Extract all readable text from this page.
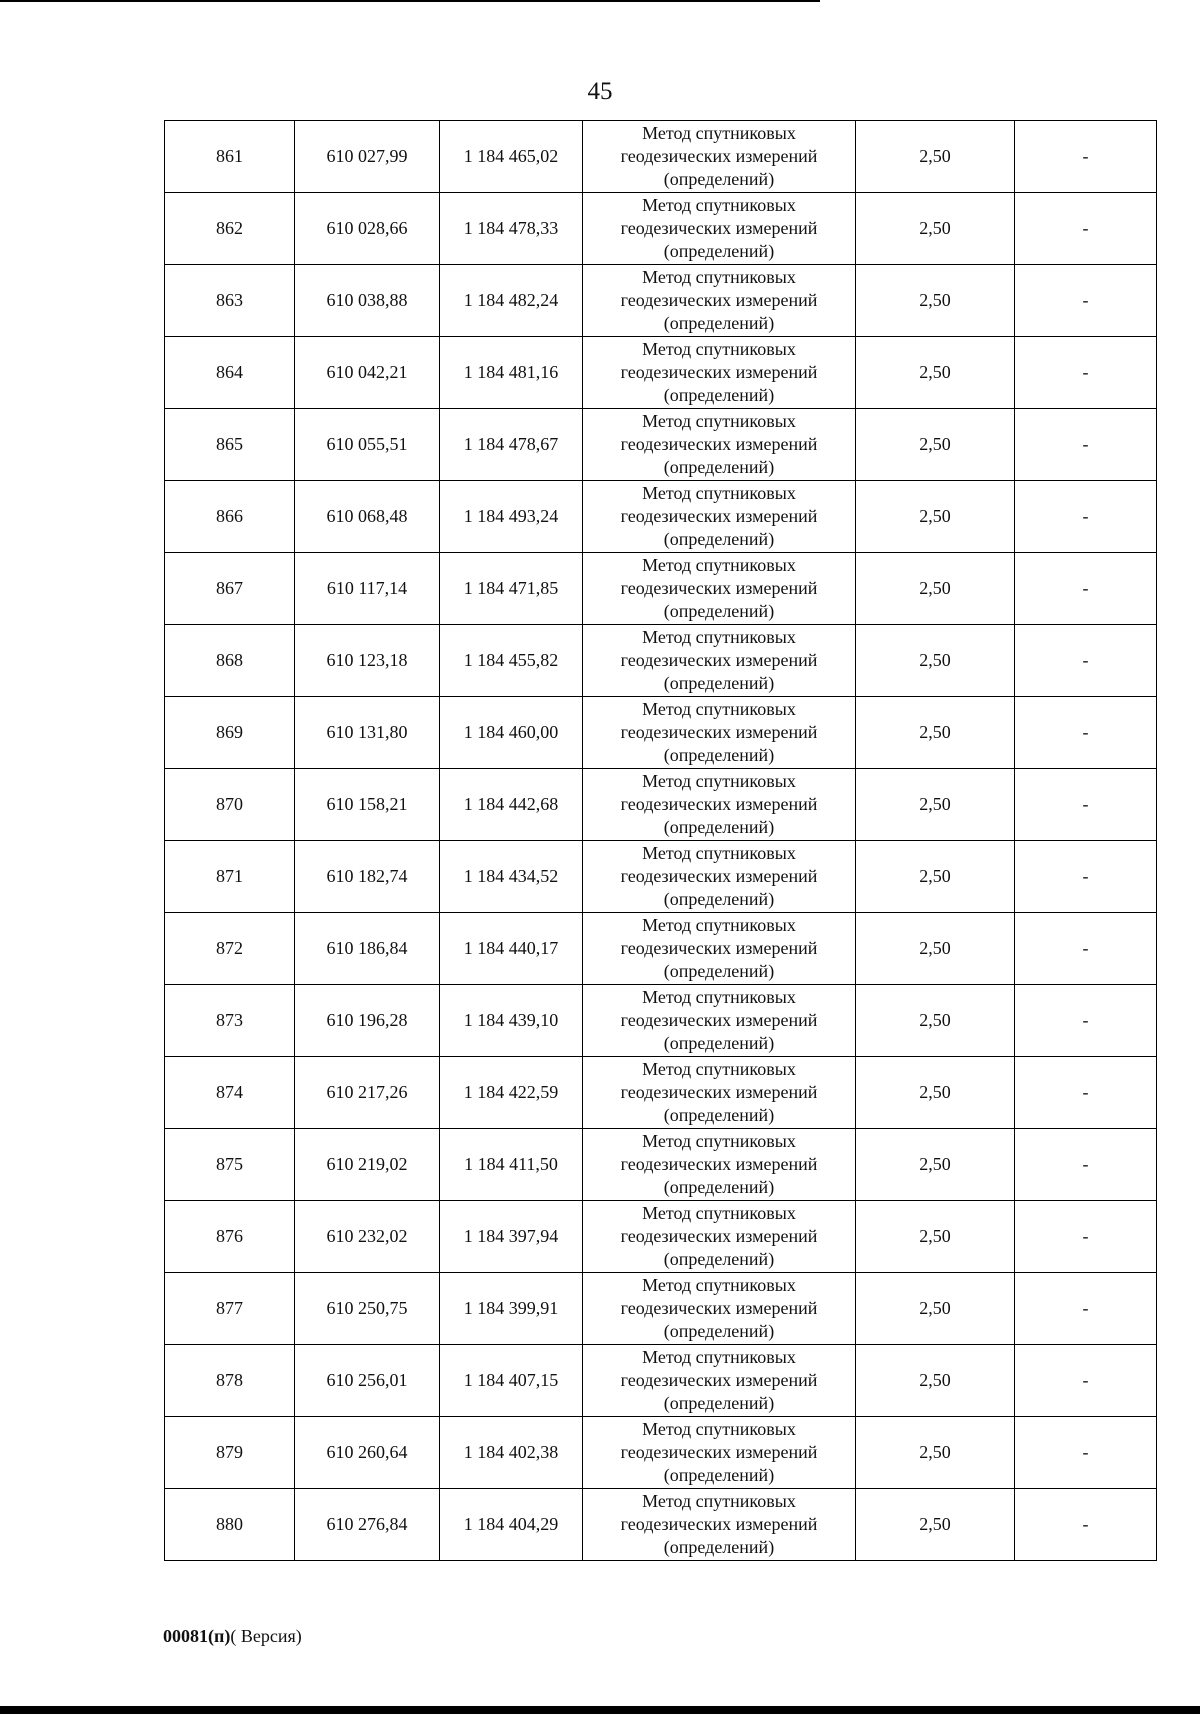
45
861	610 027,99	1 184 465,02	Метод спутниковых
геодезических измерений
(определений)	2,50	-
862	610 028,66	1 184 478,33	Метод спутниковых
геодезических измерений
(определений)	2,50	-
863	610 038,88	1 184 482,24	Метод спутниковых
геодезических измерений
(определений)	2,50	-
864	610 042,21	1 184 481,16	Метод спутниковых
геодезических измерений
(определений)	2,50	-
865	610 055,51	1 184 478,67	Метод спутниковых
геодезических измерений
(определений)	2,50	-
866	610 068,48	1 184 493,24	Метод спутниковых
геодезических измерений
(определений)	2,50	-
867	610 117,14	1 184 471,85	Метод спутниковых
геодезических измерений
(определений)	2,50	-
868	610 123,18	1 184 455,82	Метод спутниковых
геодезических измерений
(определений)	2,50	-
869	610 131,80	1 184 460,00	Метод спутниковых
геодезических измерений
(определений)	2,50	-
870	610 158,21	1 184 442,68	Метод спутниковых
геодезических измерений
(определений)	2,50	-
871	610 182,74	1 184 434,52	Метод спутниковых
геодезических измерений
(определений)	2,50	-
872	610 186,84	1 184 440,17	Метод спутниковых
геодезических измерений
(определений)	2,50	-
873	610 196,28	1 184 439,10	Метод спутниковых
геодезических измерений
(определений)	2,50	-
874	610 217,26	1 184 422,59	Метод спутниковых
геодезических измерений
(определений)	2,50	-
875	610 219,02	1 184 411,50	Метод спутниковых
геодезических измерений
(определений)	2,50	-
876	610 232,02	1 184 397,94	Метод спутниковых
геодезических измерений
(определений)	2,50	-
877	610 250,75	1 184 399,91	Метод спутниковых
геодезических измерений
(определений)	2,50	-
878	610 256,01	1 184 407,15	Метод спутниковых
геодезических измерений
(определений)	2,50	-
879	610 260,64	1 184 402,38	Метод спутниковых
геодезических измерений
(определений)	2,50	-
880	610 276,84	1 184 404,29	Метод спутниковых
геодезических измерений
(определений)	2,50	-
00081(п)( Версия)
